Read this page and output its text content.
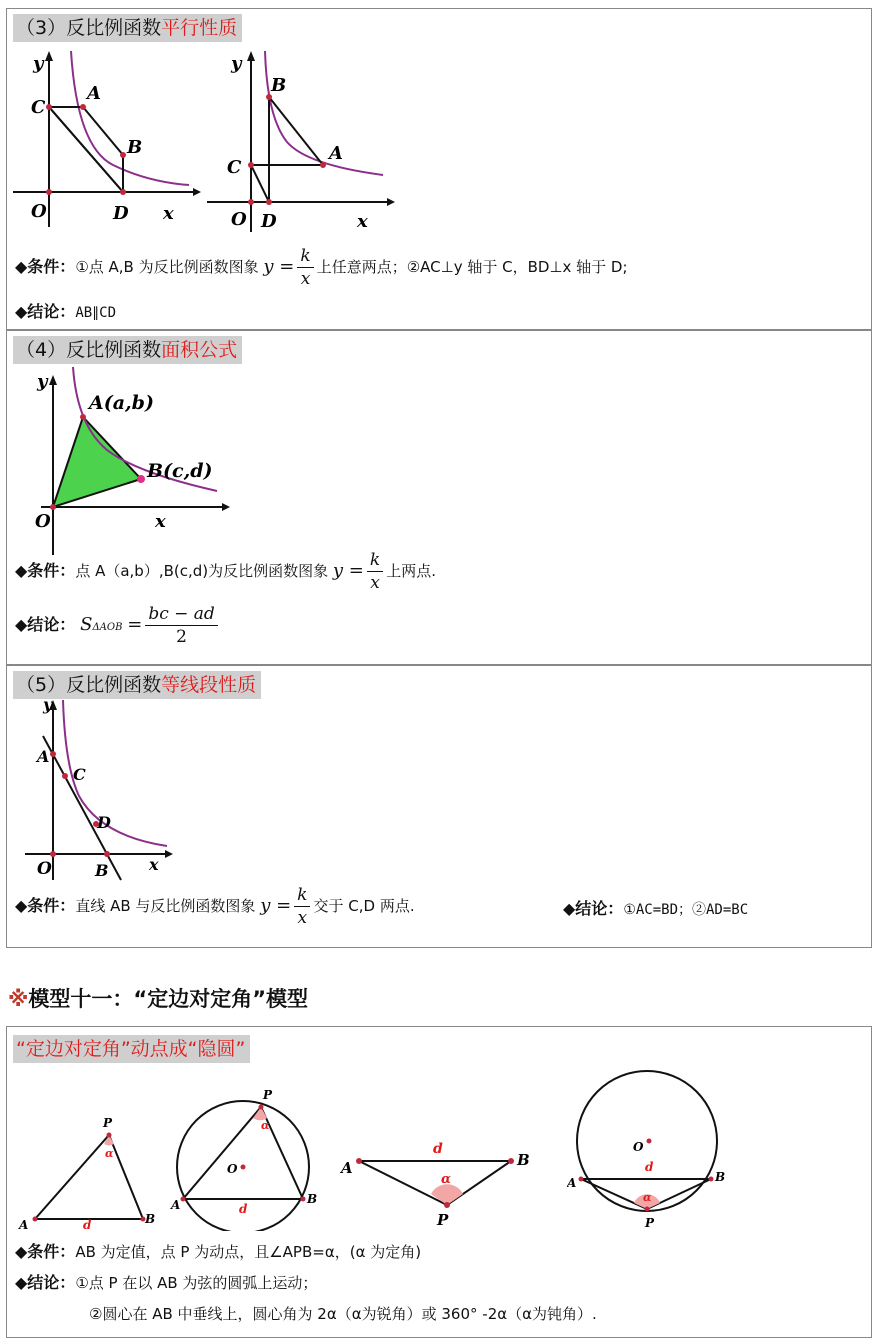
（3）反比例函数平行性质
y
x
O
C
A
B
D
y
x
O
C
B
A
D
◆条件：①点 A,B 为反比例函数图象 $y = \frac{k}{x}$ 上任意两点；②AC⊥y 轴于 C，BD⊥x 轴于 D;
◆结论：AB∥CD
（4）反比例函数面积公式
y
x
O
A(a,b)
B(c,d)
◆条件：点 A（a,b）,B(c,d)为反比例函数图象 $y = \frac{k}{x}$ 上两点.
◆结论： $S\Delta AOB = \frac{bc - ad}{2}$
（5）反比例函数等线段性质
y
x
O
A
C
D
B
◆条件：直线 AB 与反比例函数图象 $y = \frac{k}{x}$ 交于 C,D 两点.	◆结论：①AC=BD；②AD=BC
※模型十一：“定边对定角”模型
“定边对定角”动点成“隐圆”
A	B
P
d
α
A	B
P
O
d
α
A	B
P
d
α	A	B
P
O
d
α
◆条件：AB 为定值，点 P 为动点，且∠APB=α，(α 为定角)
◆结论：①点 P 在以 AB 为弦的圆弧上运动；
②圆心在 AB 中垂线上，圆心角为 2α（α为锐角）或 360° -2α（α为钝角）.
